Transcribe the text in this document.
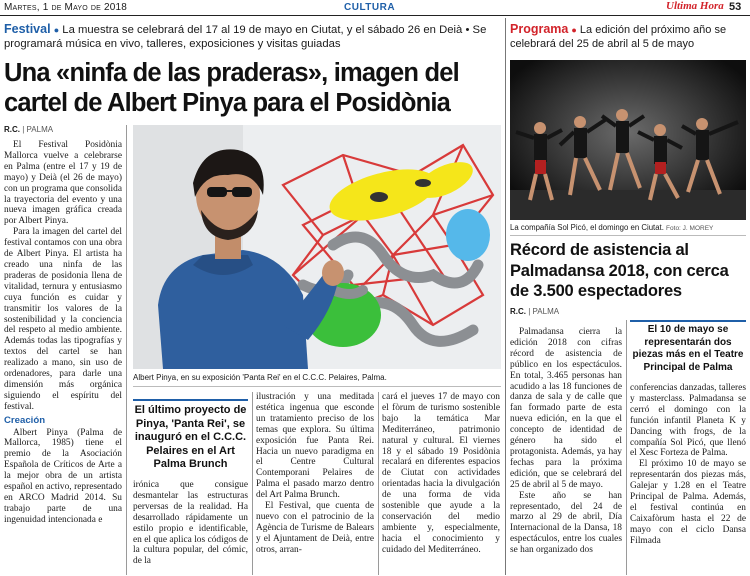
Martes, 1 de Mayo de 2018	CULTURA	Ultima Hora 53
Festival ● La muestra se celebrará del 17 al 19 de mayo en Ciutat, y el sábado 26 en Deià • Se programará música en vivo, talleres, exposiciones y visitas guiadas
Una «ninfa de las praderas», imagen del cartel de Albert Pinya para el Posidònia
R.C. | PALMA

El Festival Posidònia Mallorca vuelve a celebrarse en Palma (entre el 17 y 19 de mayo) y Deià (el 26 de mayo) con un programa que consolida la trayectoria del evento y una nueva imagen gráfica creada por Albert Pinya.

Para la imagen del cartel del festival contamos con una obra de Albert Pinya. El artista ha creado una ninfa de las praderas de posidonia llena de vitalidad, ternura y entusiasmo cuya función es cuidar y transmitir los valores de la sostenibilidad y la conciencia del respeto al medio ambiente. Además todas las tipografías y textos del cartel se han realizado a mano, sin uso de ordenadores, para darle una dimensión más orgánica siguiendo el espíritu del festival.

Creación

Albert Pinya (Palma de Mallorca, 1985) tiene el premio de la Asociación Española de Críticos de Arte a la mejor obra de un artista español en activo, representado en ARCO Madrid 2014. Su trabajo parte de una ingenuidad intencionada e

Albert Pinya, en su exposición 'Panta Rei' en el C.C.C. Pelaires, Palma.
El último proyecto de Pinya, 'Panta Rei', se inauguró en el C.C.C. Pelaires en el Art Palma Brunch

irónica que consigue desmantelar las estructuras perversas de la realidad. Ha desarrollado rápidamente un estilo propio e identificable, en el que aplica los códigos de la cultura popular, del cómic, de la

ilustración y una meditada estética ingenua que esconde un tratamiento preciso de los temas que explora. Su última exposición fue Panta Rei. Hacia un nuevo paradigma en el Centre Cultural Contemporani Pelaires de Palma el pasado marzo dentro del Art Palma Brunch.

El Festival, que cuenta de nuevo con el patrocinio de la Agència de Turisme de Balears y el Ajuntament de Deià, entre otros, arran-

cará el jueves 17 de mayo con el fòrum de turismo sostenible bajo la temática Mar Mediterráneo, patrimonio natural y cultural. El viernes 18 y el sábado 19 Posidònia recalará en diferentes espacios de Ciutat con actividades orientadas hacia la divulgación de una forma de vida sostenible que ayude a la conservación del medio ambiente y, especialmente, hacia el conocimiento y cuidado del Mediterráneo.

Programa ● La edición del próximo año se celebrará del 25 de abril al 5 de mayo
La compañía Sol Picó, el domingo en Ciutat. Foto: J. MOREY
Récord de asistencia al Palmadansa 2018, con cerca de 3.500 espectadores
R.C. | PALMA

Palmadansa cierra la edición 2018 con cifras récord de asistencia de público en los espectáculos. En total, 3.465 personas han acudido a las 18 funciones de danza de sala y de calle que fan formado parte de esta nueva edición, en la que el concepto de identidad de género ha sido el protagonista. Además, ya hay fechas para la próxima edición, que se celebrará del 25 de abril al 5 de mayo.

Este año se han representado, del 24 de marzo al 29 de abril, Día Internacional de la Dansa, 18 espectáculos, entre los cuales se han organizado dos

El 10 de mayo se representarán dos piezas más en el Teatre Principal de Palma

conferencias danzadas, talleres y masterclass. Palmadansa se cerró el domingo con la función infantil Planeta K y Dancing with frogs, de la compañía Sol Picó, que llenó el Xesc Forteza de Palma.

El próximo 10 de mayo se representarán dos piezas más, Galejar y 1.28 en el Teatre Principal de Palma. Además, el festival continúa en Caixafòrum hasta el 22 de mayo con el ciclo Dansa Filmada
